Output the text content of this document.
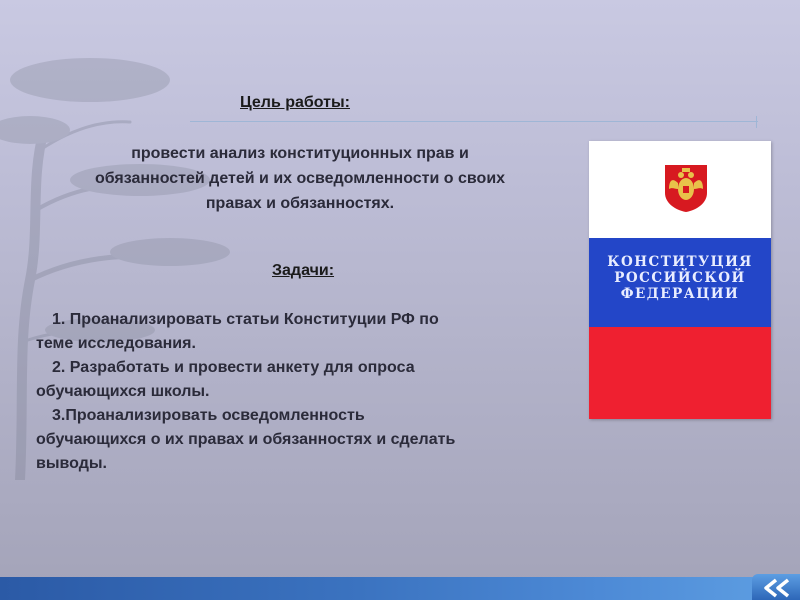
Цель работы:
провести анализ конституционных прав и
обязанностей детей и их осведомленности о своих
правах и обязанностях.
Задачи:
1. Проанализировать статьи Конституции РФ по
теме исследования.
2. Разработать и провести анкету для опроса
обучающихся школы.
3.Проанализировать осведомленность
обучающихся о их правах и обязанностях и сделать
выводы.
КОНСТИТУЦИЯ
РОССИЙСКОЙ
ФЕДЕРАЦИИ
